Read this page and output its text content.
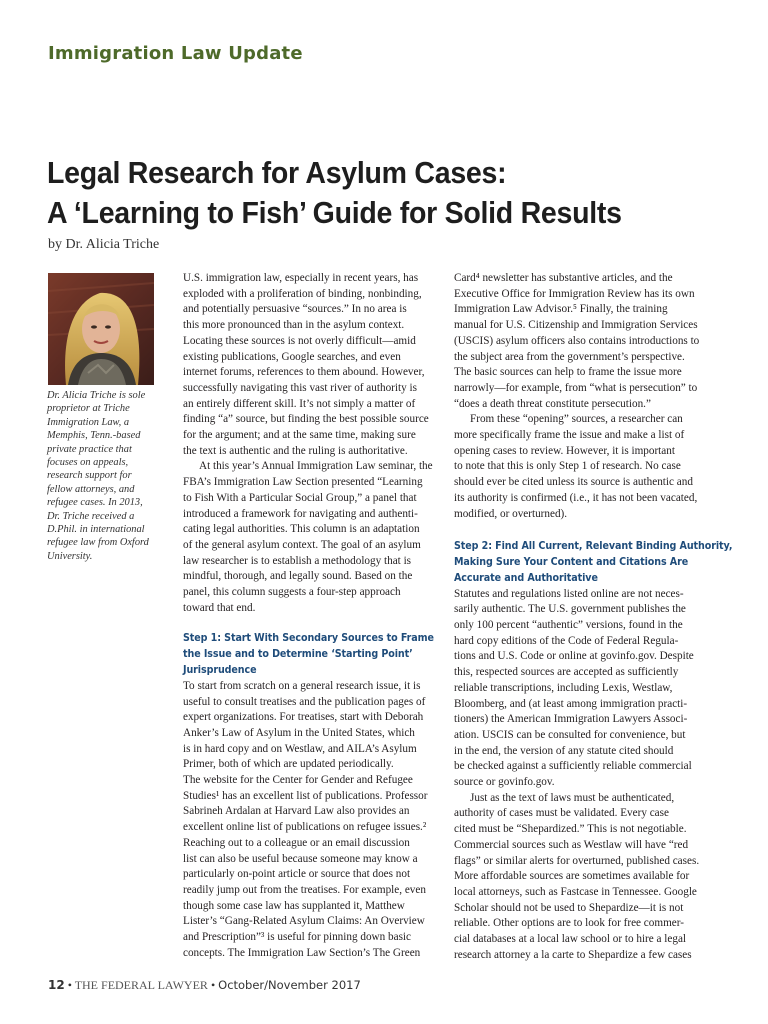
Immigration Law Update
Legal Research for Asylum Cases:
A ‘Learning to Fish’ Guide for Solid Results
by Dr. Alicia Triche
Dr. Alicia Triche is sole
proprietor at Triche
Immigration Law, a
Memphis, Tenn.-based
private practice that
focuses on appeals,
research support for
fellow attorneys, and
refugee cases. In 2013,
Dr. Triche received a
D.Phil. in international
refugee law from Oxford
University.
U.S. immigration law, especially in recent years, has
exploded with a proliferation of binding, nonbinding,
and potentially persuasive “sources.” In no area is
this more pronounced than in the asylum context.
Locating these sources is not overly difficult—amid
existing publications, Google searches, and even
internet forums, references to them abound. However,
successfully navigating this vast river of authority is
an entirely different skill. It’s not simply a matter of
finding “a” source, but finding the best possible source
for the argument; and at the same time, making sure
the text is authentic and the ruling is authoritative.
At this year’s Annual Immigration Law seminar, the
FBA’s Immigration Law Section presented “Learning
to Fish With a Particular Social Group,” a panel that
introduced a framework for navigating and authenti-
cating legal authorities. This column is an adaptation
of the general asylum context. The goal of an asylum
law researcher is to establish a methodology that is
mindful, thorough, and legally sound. Based on the
panel, this column suggests a four-step approach
toward that end.
Step 1: Start With Secondary Sources to Frame
the Issue and to Determine ‘Starting Point’
Jurisprudence
To start from scratch on a general research issue, it is
useful to consult treatises and the publication pages of
expert organizations. For treatises, start with Deborah
Anker’s Law of Asylum in the United States, which
is in hard copy and on Westlaw, and AILA’s Asylum
Primer, both of which are updated periodically.
The website for the Center for Gender and Refugee
Studies¹ has an excellent list of publications. Professor
Sabrineh Ardalan at Harvard Law also provides an
excellent online list of publications on refugee issues.²
Reaching out to a colleague or an email discussion
list can also be useful because someone may know a
particularly on-point article or source that does not
readily jump out from the treatises. For example, even
though some case law has supplanted it, Matthew
Lister’s “Gang-Related Asylum Claims: An Overview
and Prescription”³ is useful for pinning down basic
concepts. The Immigration Law Section’s The Green
Card⁴ newsletter has substantive articles, and the
Executive Office for Immigration Review has its own
Immigration Law Advisor.⁵ Finally, the training
manual for U.S. Citizenship and Immigration Services
(USCIS) asylum officers also contains introductions to
the subject area from the government’s perspective.
The basic sources can help to frame the issue more
narrowly—for example, from “what is persecution” to
“does a death threat constitute persecution.”
From these “opening” sources, a researcher can
more specifically frame the issue and make a list of
opening cases to review. However, it is important
to note that this is only Step 1 of research. No case
should ever be cited unless its source is authentic and
its authority is confirmed (i.e., it has not been vacated,
modified, or overturned).
Step 2: Find All Current, Relevant Binding Authority,
Making Sure Your Content and Citations Are
Accurate and Authoritative
Statutes and regulations listed online are not neces-
sarily authentic. The U.S. government publishes the
only 100 percent “authentic” versions, found in the
hard copy editions of the Code of Federal Regula-
tions and U.S. Code or online at govinfo.gov. Despite
this, respected sources are accepted as sufficiently
reliable transcriptions, including Lexis, Westlaw,
Bloomberg, and (at least among immigration practi-
tioners) the American Immigration Lawyers Associ-
ation. USCIS can be consulted for convenience, but
in the end, the version of any statute cited should
be checked against a sufficiently reliable commercial
source or govinfo.gov.
Just as the text of laws must be authenticated,
authority of cases must be validated. Every case
cited must be “Shepardized.” This is not negotiable.
Commercial sources such as Westlaw will have “red
flags” or similar alerts for overturned, published cases.
More affordable sources are sometimes available for
local attorneys, such as Fastcase in Tennessee. Google
Scholar should not be used to Shepardize—it is not
reliable. Other options are to look for free commer-
cial databases at a local law school or to hire a legal
research attorney a la carte to Shepardize a few cases
12 • THE FEDERAL LAWYER • October/November 2017
